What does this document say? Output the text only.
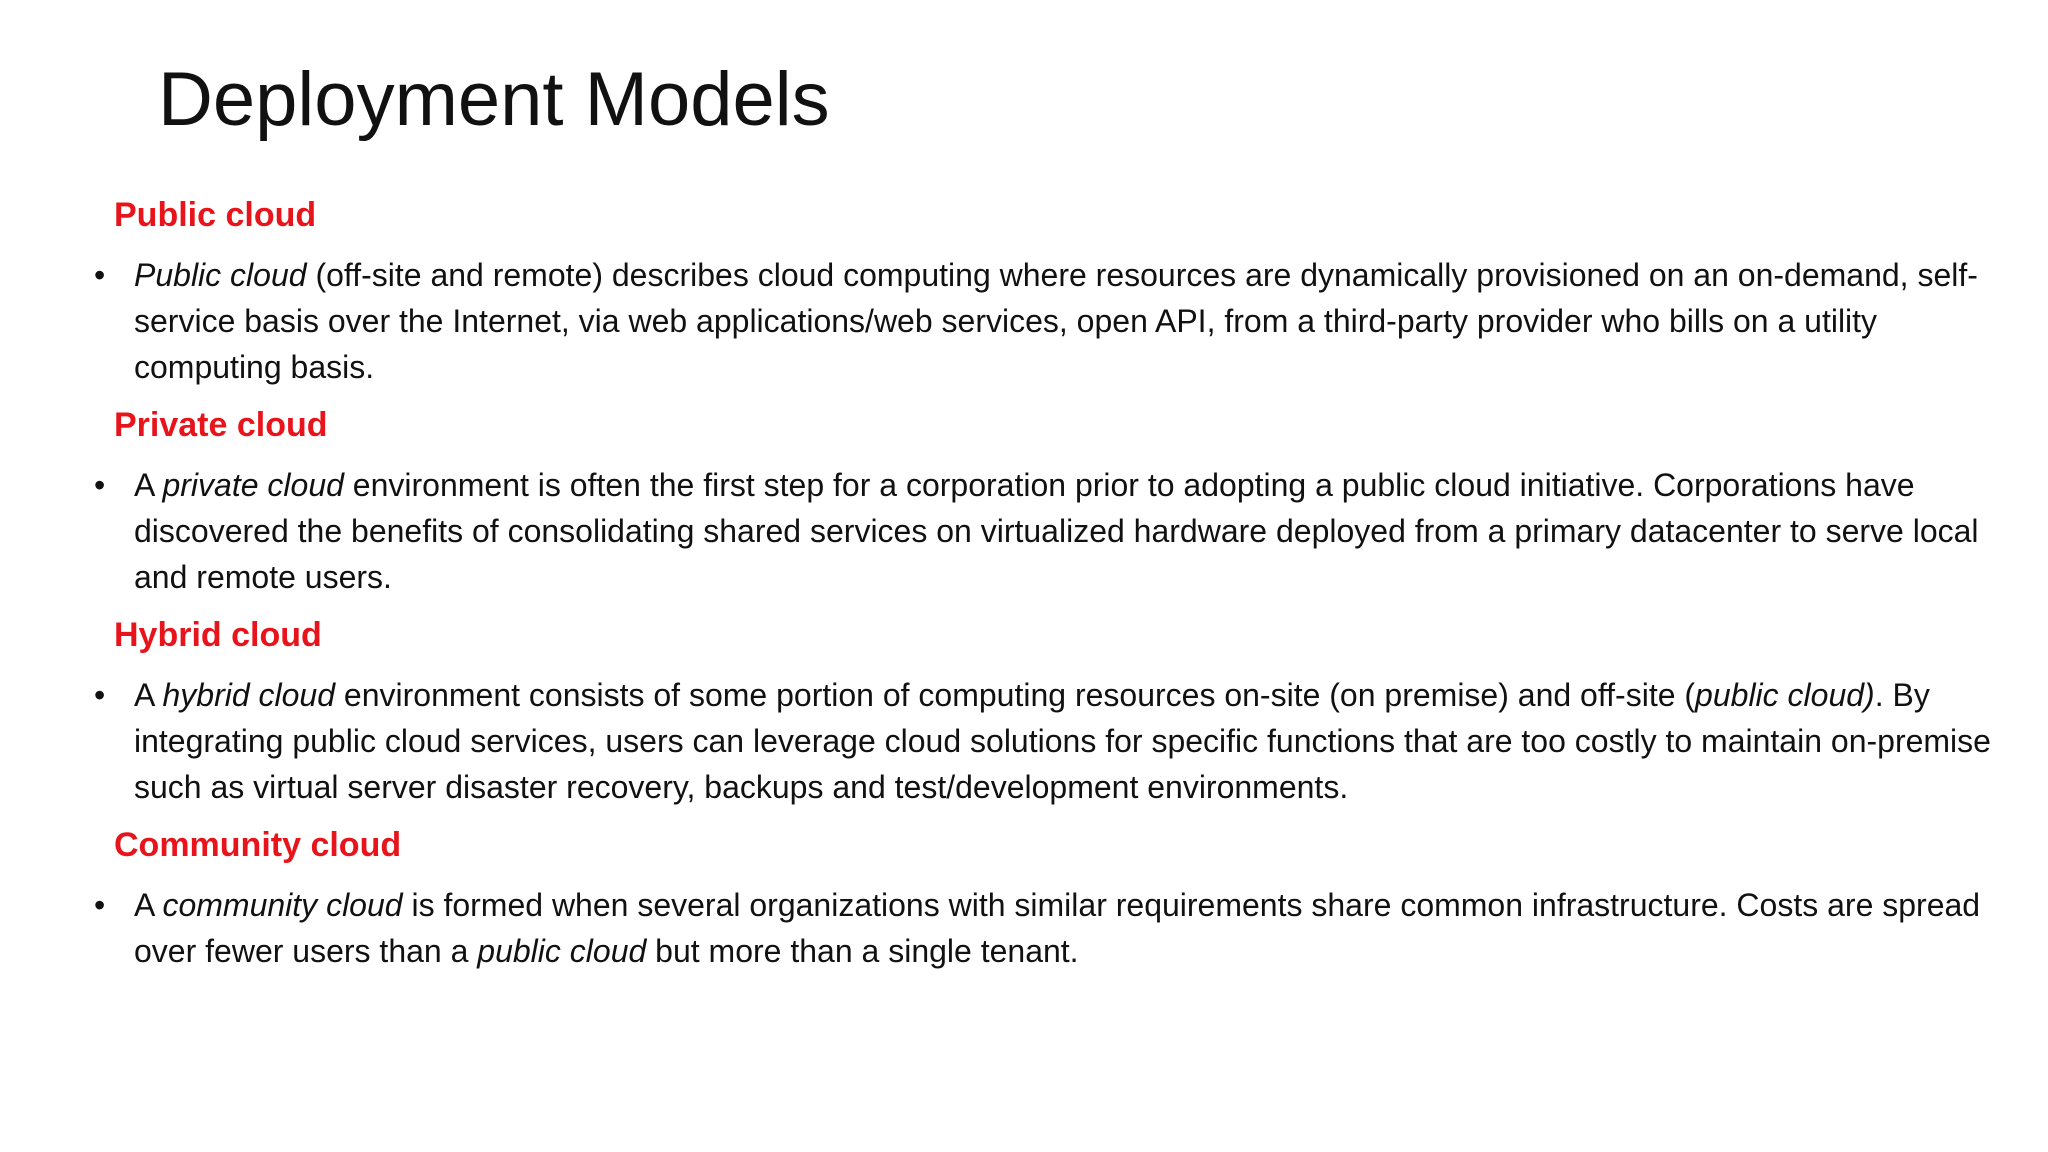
Deployment Models

Public cloud

• Public cloud (off-site and remote) describes cloud computing where resources are dynamically provisioned on an on-demand, self-service basis over the Internet, via web applications/web services, open API, from a third-party provider who bills on a utility computing basis.

Private cloud

• A private cloud environment is often the first step for a corporation prior to adopting a public cloud initiative. Corporations have discovered the benefits of consolidating shared services on virtualized hardware deployed from a primary datacenter to serve local and remote users.

Hybrid cloud

• A hybrid cloud environment consists of some portion of computing resources on-site (on premise) and off-site (public cloud). By integrating public cloud services, users can leverage cloud solutions for specific functions that are too costly to maintain on-premise such as virtual server disaster recovery, backups and test/development environments.

Community cloud

• A community cloud is formed when several organizations with similar requirements share common infrastructure. Costs are spread over fewer users than a public cloud but more than a single tenant.
